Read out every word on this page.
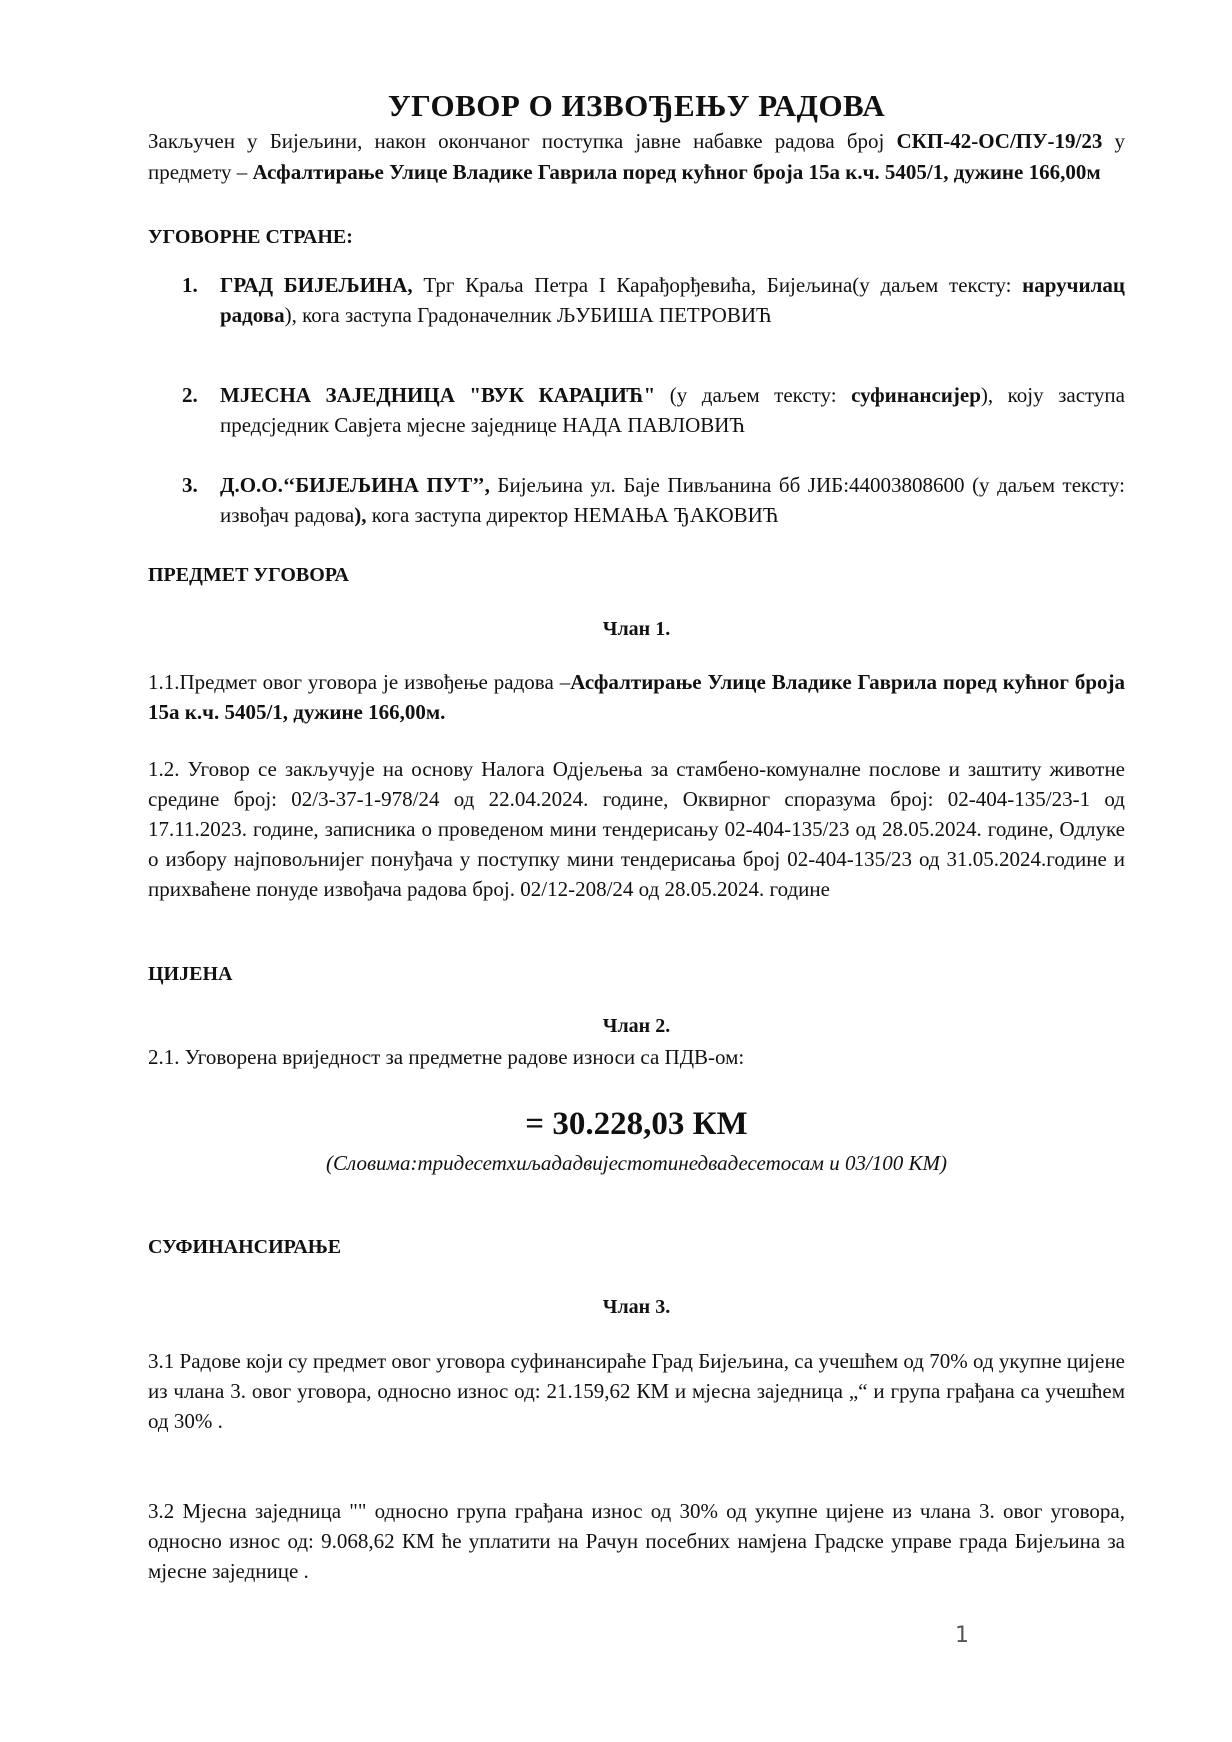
УГОВОР О ИЗВОЂЕЊУ РАДОВА
Закључен у Бијељини, након окончаног поступка јавне набавке радова број СКП-42-ОС/ПУ-19/23 у предмету – Асфалтирање Улице Владике Гаврила поред кућног броја 15а к.ч. 5405/1, дужине 166,00м
УГОВОРНЕ СТРАНЕ:
1. ГРАД БИЈЕЉИНА, Трг Краља Петра I Карађорђевића, Бијељина(у даљем тексту: наручилац радова), кога заступа Градоначелник ЉУБИША ПЕТРОВИЋ
2. МЈЕСНА ЗАЈЕДНИЦА "ВУК КАРАЏИЋ" (у даљем тексту: суфинансијер), коју заступа предсједник Савјета мјесне заједнице НАДА ПАВЛОВИЋ
3. Д.О.О.‘‘БИЈЕЉИНА ПУТ’’, Бијељина ул. Баје Пивљанина бб ЈИБ:44003808600 (у даљем тексту: извођач радова), кога заступа директор НЕМАЊА ЂАКОВИЋ
ПРЕДМЕТ УГОВОРА
Члан 1.
1.1.Предмет овог уговора је извођење радова –Асфалтирање Улице Владике Гаврила поред кућног броја 15а к.ч. 5405/1, дужине 166,00м.
1.2. Уговор се закључује на основу Налога Одјељења за стамбено-комуналне послове и заштиту животне средине број: 02/3-37-1-978/24 од 22.04.2024. године, Оквирног споразума број: 02-404-135/23-1 од 17.11.2023. године, записника о проведеном мини тендерисању 02-404-135/23 од 28.05.2024. године, Одлуке о избору најповољнијег понуђача у поступку мини тендерисања број 02-404-135/23 од 31.05.2024.године и прихваћене понуде извођача радова број. 02/12-208/24 од 28.05.2024. године
ЦИЈЕНА
Члан 2.
2.1. Уговорена вриједност за предметне радове износи са ПДВ-ом:
= 30.228,03 КМ
(Словима:тридесетхиљададвијестотинедвадесетосам и 03/100 КМ)
СУФИНАНСИРАЊЕ
Члан 3.
3.1 Радове који су предмет овог уговора суфинансираће Град Бијељина, са учешћем од 70% од укупне цијене из члана 3. овог уговора, односно износ од: 21.159,62 КМ и мјесна заједница „“ и група грађана са учешћем од 30% .
3.2 Мјесна заједница "" односно група грађана износ од 30% од укупне цијене из члана 3. овог уговора, односно износ од: 9.068,62 КМ ће уплатити на Рачун посебних намјена Градске управе града Бијељина за мјесне заједнице .
1
